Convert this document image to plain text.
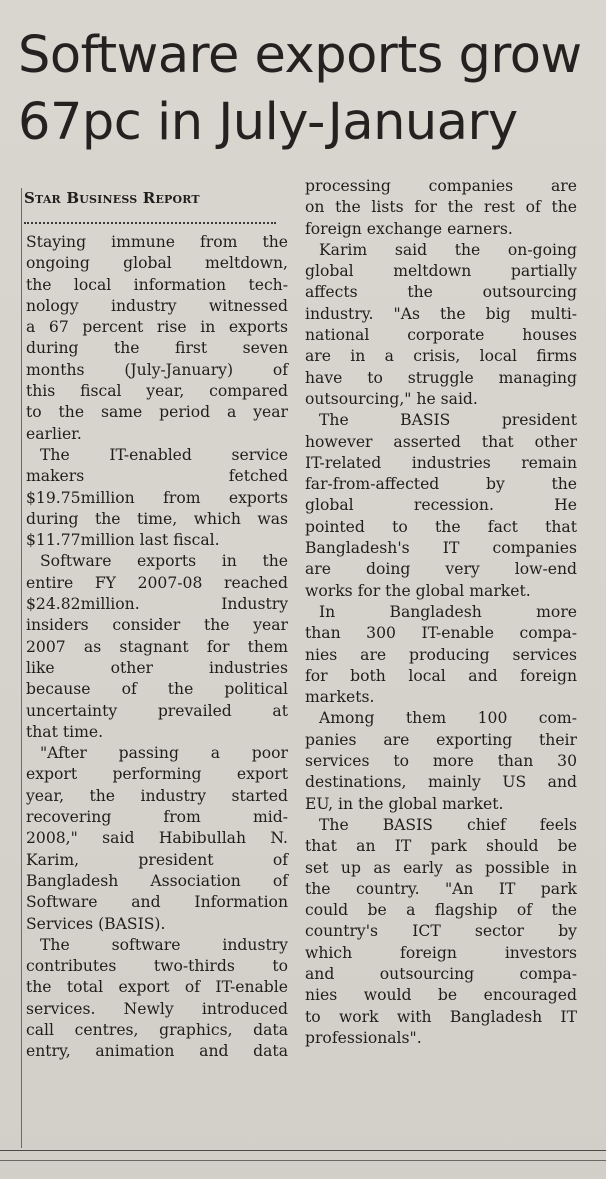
Software exports grow
67pc in July-January
Star Business Report
Staying immune from the
ongoing global meltdown,
the local information tech-
nology industry witnessed
a 67 percent rise in exports
during the first seven
months (July-January) of
this fiscal year, compared
to the same period a year
earlier.
The IT-enabled service
makers fetched
$19.75million from exports
during the time, which was
$11.77million last fiscal.
Software exports in the
entire FY 2007-08 reached
$24.82million. Industry
insiders consider the year
2007 as stagnant for them
like other industries
because of the political
uncertainty prevailed at
that time.
"After passing a poor
export performing export
year, the industry started
recovering from mid-
2008," said Habibullah N.
Karim, president of
Bangladesh Association of
Software and Information
Services (BASIS).
The software industry
contributes two-thirds to
the total export of IT-enable
services. Newly introduced
call centres, graphics, data
entry, animation and data
processing companies are
on the lists for the rest of the
foreign exchange earners.
Karim said the on-going
global meltdown partially
affects the outsourcing
industry. "As the big multi-
national corporate houses
are in a crisis, local firms
have to struggle managing
outsourcing," he said.
The BASIS president
however asserted that other
IT-related industries remain
far-from-affected by the
global recession. He
pointed to the fact that
Bangladesh's IT companies
are doing very low-end
works for the global market.
In Bangladesh more
than 300 IT-enable compa-
nies are producing services
for both local and foreign
markets.
Among them 100 com-
panies are exporting their
services to more than 30
destinations, mainly US and
EU, in the global market.
The BASIS chief feels
that an IT park should be
set up as early as possible in
the country. "An IT park
could be a flagship of the
country's ICT sector by
which foreign investors
and outsourcing compa-
nies would be encouraged
to work with Bangladesh IT
professionals".
